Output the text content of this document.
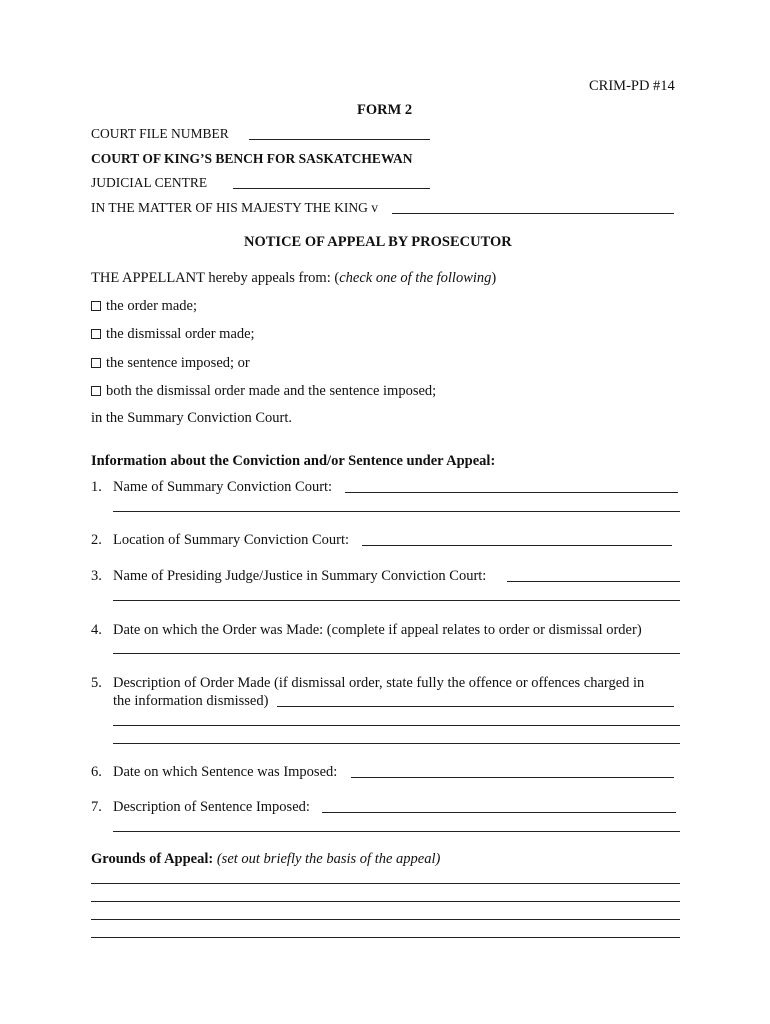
CRIM-PD #14
FORM 2
COURT FILE NUMBER
COURT OF KING’S BENCH FOR SASKATCHEWAN
JUDICIAL CENTRE
IN THE MATTER OF HIS MAJESTY THE KING v
NOTICE OF APPEAL BY PROSECUTOR
THE APPELLANT hereby appeals from: (check one of the following)
the order made;
the dismissal order made;
the sentence imposed; or
both the dismissal order made and the sentence imposed;
in the Summary Conviction Court.
Information about the Conviction and/or Sentence under Appeal:
1. Name of Summary Conviction Court:
2. Location of Summary Conviction Court:
3. Name of Presiding Judge/Justice in Summary Conviction Court:
4. Date on which the Order was Made: (complete if appeal relates to order or dismissal order)
5. Description of Order Made (if dismissal order, state fully the offence or offences charged in
the information dismissed)
6. Date on which Sentence was Imposed:
7. Description of Sentence Imposed:
Grounds of Appeal: (set out briefly the basis of the appeal)
